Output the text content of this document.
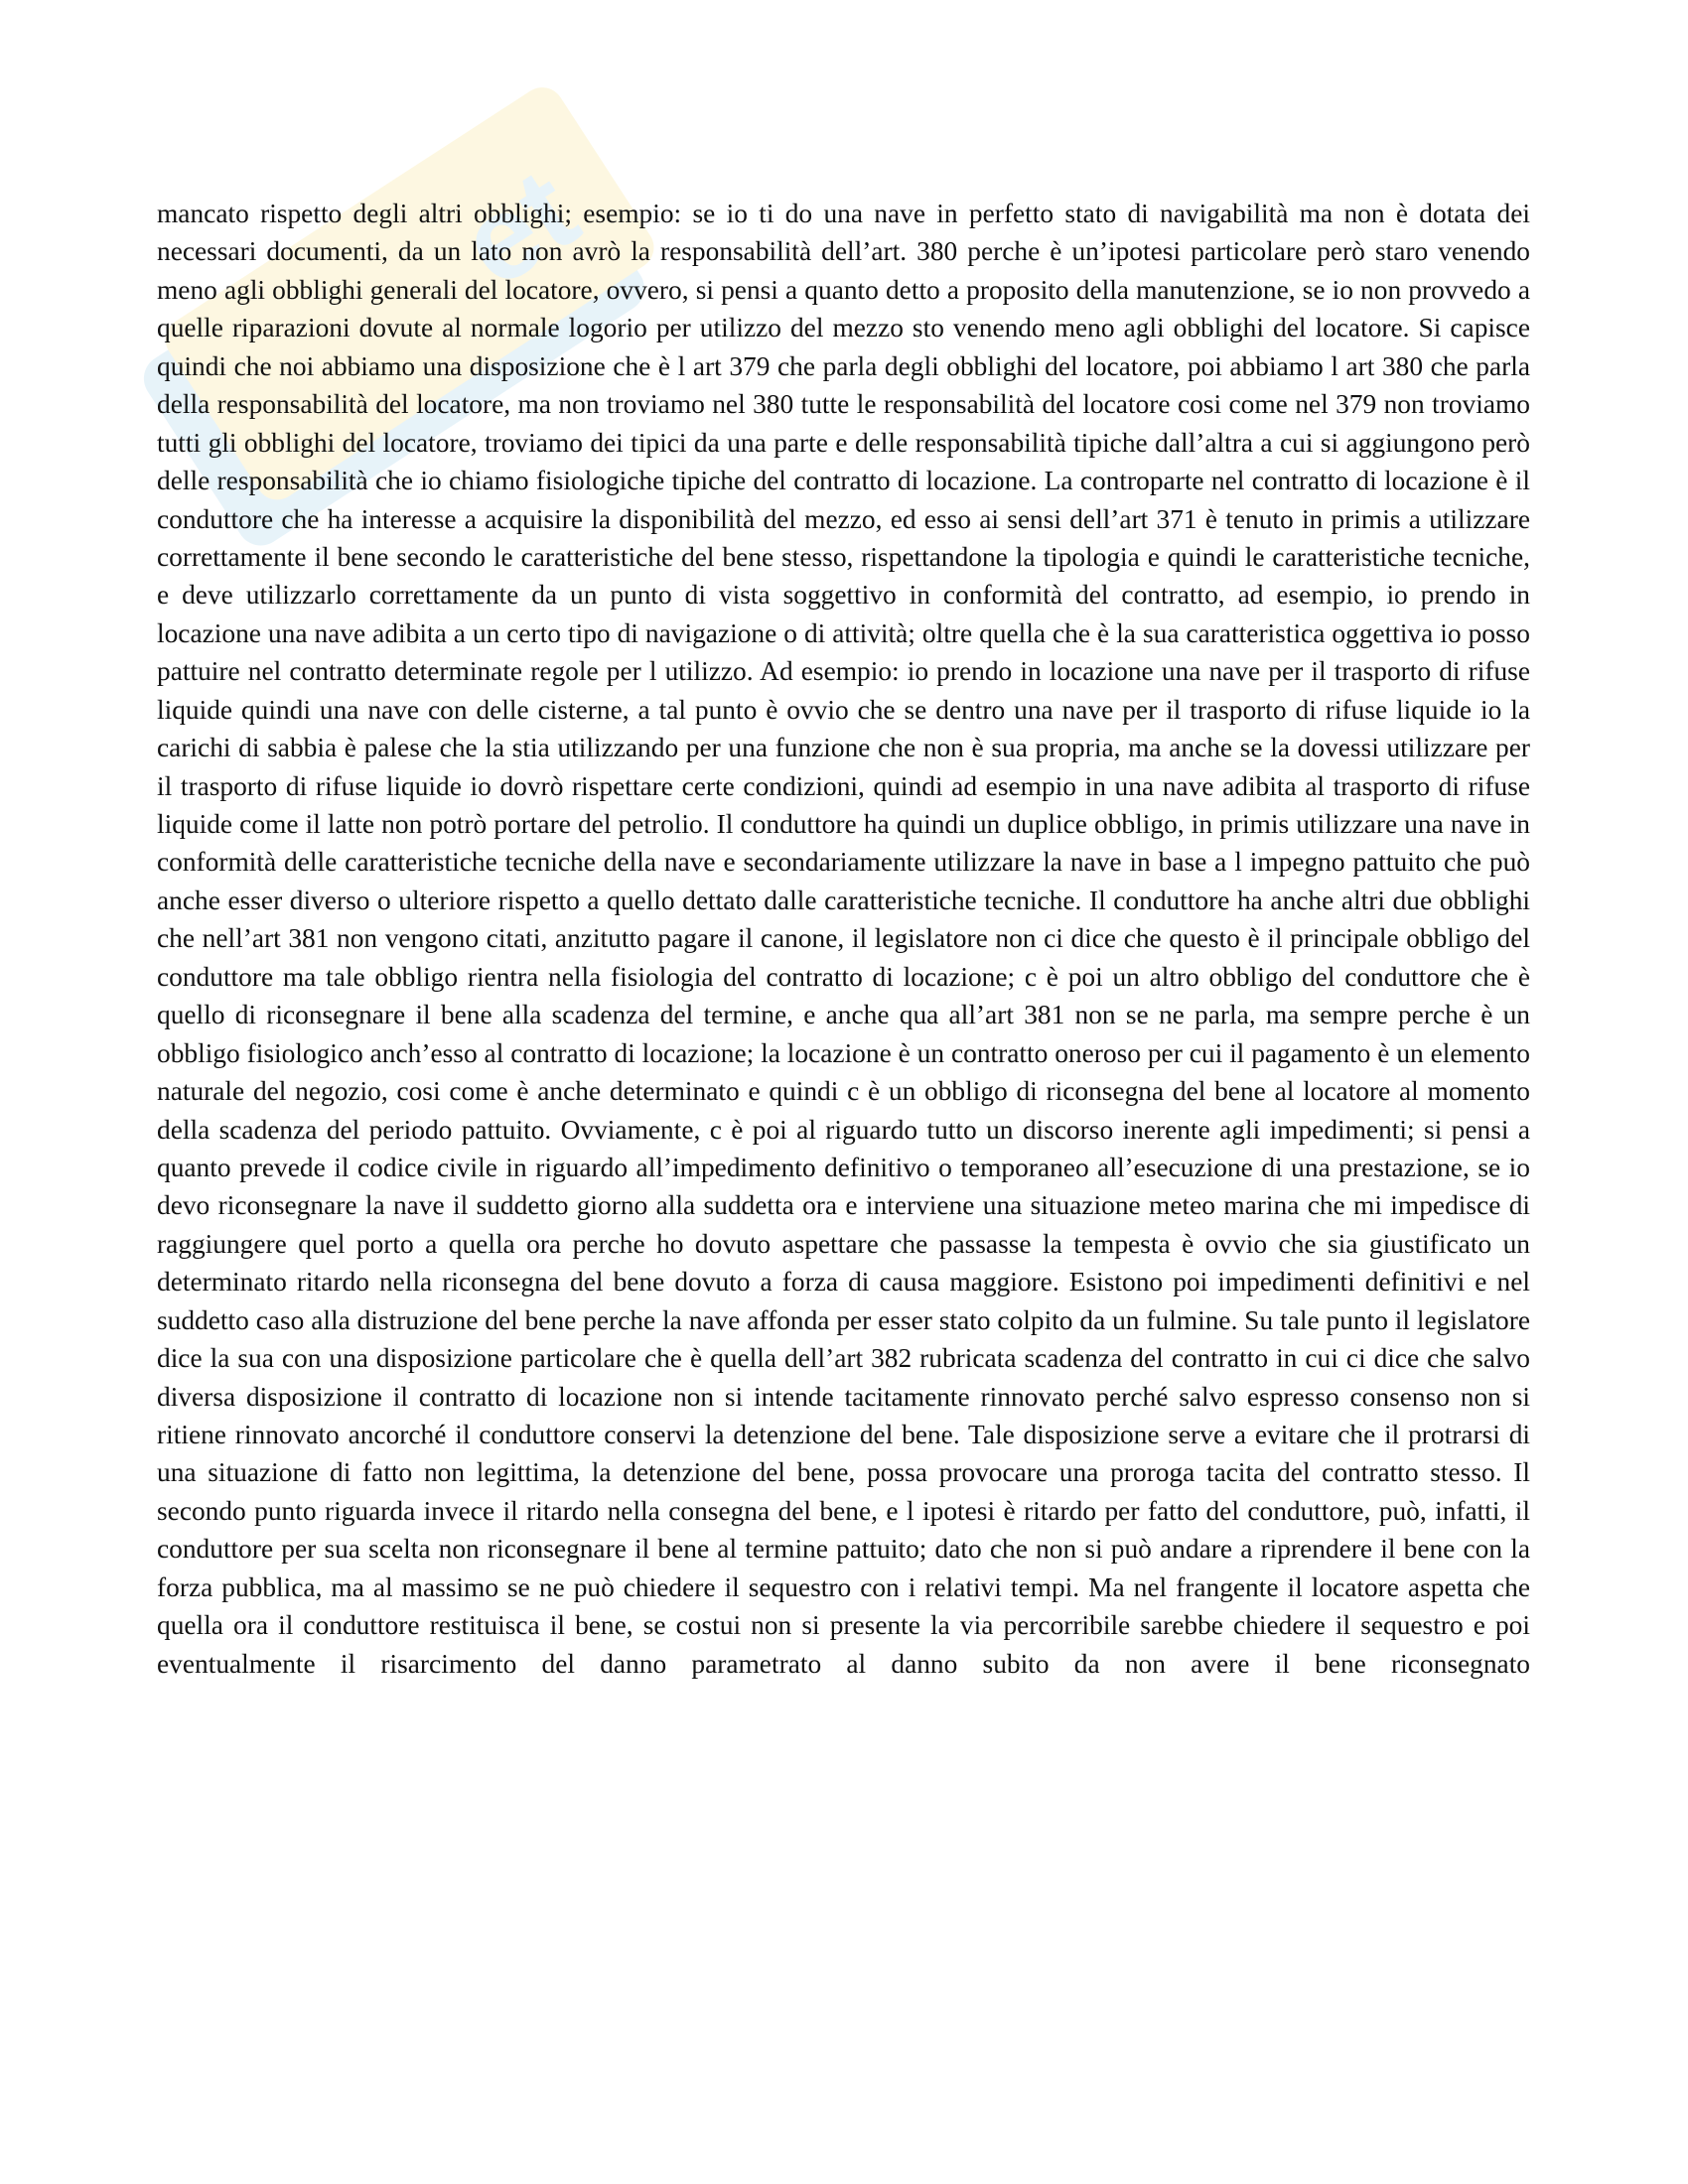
et

mancato rispetto degli altri obblighi; esempio: se io ti do una nave in perfetto stato di navigabilità ma non è dotata dei necessari documenti, da un lato non avrò la responsabilità dell’art. 380 perche è un’ipotesi particolare però staro venendo meno agli obblighi generali del locatore, ovvero, si pensi a quanto detto a proposito della manutenzione, se io non provvedo a quelle riparazioni dovute al normale logorio per utilizzo del mezzo sto venendo meno agli obblighi del locatore. Si capisce quindi che noi abbiamo una disposizione che è l art 379 che parla degli obblighi del locatore, poi abbiamo l art 380 che parla della responsabilità del locatore, ma non troviamo nel 380 tutte le responsabilità del locatore cosi come nel 379 non troviamo tutti gli obblighi del locatore, troviamo dei tipici da una parte e delle responsabilità tipiche dall’altra a cui si aggiungono però delle responsabilità che io chiamo fisiologiche tipiche del contratto di locazione. La controparte nel contratto di locazione è il conduttore che ha interesse a acquisire la disponibilità del mezzo, ed esso ai sensi dell’art 371 è tenuto in primis a utilizzare correttamente il bene secondo le caratteristiche del bene stesso, rispettandone la tipologia e quindi le caratteristiche tecniche, e deve utilizzarlo correttamente da un punto di vista soggettivo in conformità del contratto, ad esempio, io prendo in locazione una nave adibita a un certo tipo di navigazione o di attività; oltre quella che è la sua caratteristica oggettiva io posso pattuire nel contratto determinate regole per l utilizzo. Ad esempio: io prendo in locazione una nave per il trasporto di rifuse liquide quindi una nave con delle cisterne, a tal punto è ovvio che se dentro una nave per il trasporto di rifuse liquide io la carichi di sabbia è palese che la stia utilizzando per una funzione che non è sua propria, ma anche se la dovessi utilizzare per il trasporto di rifuse liquide io dovrò rispettare certe condizioni, quindi ad esempio in una nave adibita al trasporto di rifuse liquide come il latte non potrò portare del petrolio. Il conduttore ha quindi un duplice obbligo, in primis utilizzare una nave in conformità delle caratteristiche tecniche della nave e secondariamente utilizzare la nave in base a l impegno pattuito che può anche esser diverso o ulteriore rispetto a quello dettato dalle caratteristiche tecniche. Il conduttore ha anche altri due obblighi che nell’art 381 non vengono citati, anzitutto pagare il canone, il legislatore non ci dice che questo è il principale obbligo del conduttore ma tale obbligo rientra nella fisiologia del contratto di locazione; c è poi un altro obbligo del conduttore che è quello di riconsegnare il bene alla scadenza del termine, e anche qua all’art 381 non se ne parla, ma sempre perche è un obbligo fisiologico anch’esso al contratto di locazione; la locazione è un contratto oneroso per cui il pagamento è un elemento naturale del negozio, cosi come è anche determinato e quindi c è un obbligo di riconsegna del bene al locatore al momento della scadenza del periodo pattuito. Ovviamente, c è poi al riguardo tutto un discorso inerente agli impedimenti; si pensi a quanto prevede il codice civile in riguardo all’impedimento definitivo o temporaneo all’esecuzione di una prestazione, se io devo riconsegnare la nave il suddetto giorno alla suddetta ora e interviene una situazione meteo marina che mi impedisce di raggiungere quel porto a quella ora perche ho dovuto aspettare che passasse la tempesta è ovvio che sia giustificato un determinato ritardo nella riconsegna del bene dovuto a forza di causa maggiore. Esistono poi impedimenti definitivi e nel suddetto caso alla distruzione del bene perche la nave affonda per esser stato colpito da un fulmine. Su tale punto il legislatore dice la sua con una disposizione particolare che è quella dell’art 382 rubricata scadenza del contratto in cui ci dice che salvo diversa disposizione il contratto di locazione non si intende tacitamente rinnovato perché salvo espresso consenso non si ritiene rinnovato ancorché il conduttore conservi la detenzione del bene. Tale disposizione serve a evitare che il protrarsi di una situazione di fatto non legittima, la detenzione del bene, possa provocare una proroga tacita del contratto stesso. Il secondo punto riguarda invece il ritardo nella consegna del bene, e l ipotesi è ritardo per fatto del conduttore, può, infatti, il conduttore per sua scelta non riconsegnare il bene al termine pattuito; dato che non si può andare a riprendere il bene con la forza pubblica, ma al massimo se ne può chiedere il sequestro con i relativi tempi. Ma nel frangente il locatore aspetta che quella ora il conduttore restituisca il bene, se costui non si presente la via percorribile sarebbe chiedere il sequestro e poi eventualmente il risarcimento del danno parametrato al danno subito da non avere il bene riconsegnato
